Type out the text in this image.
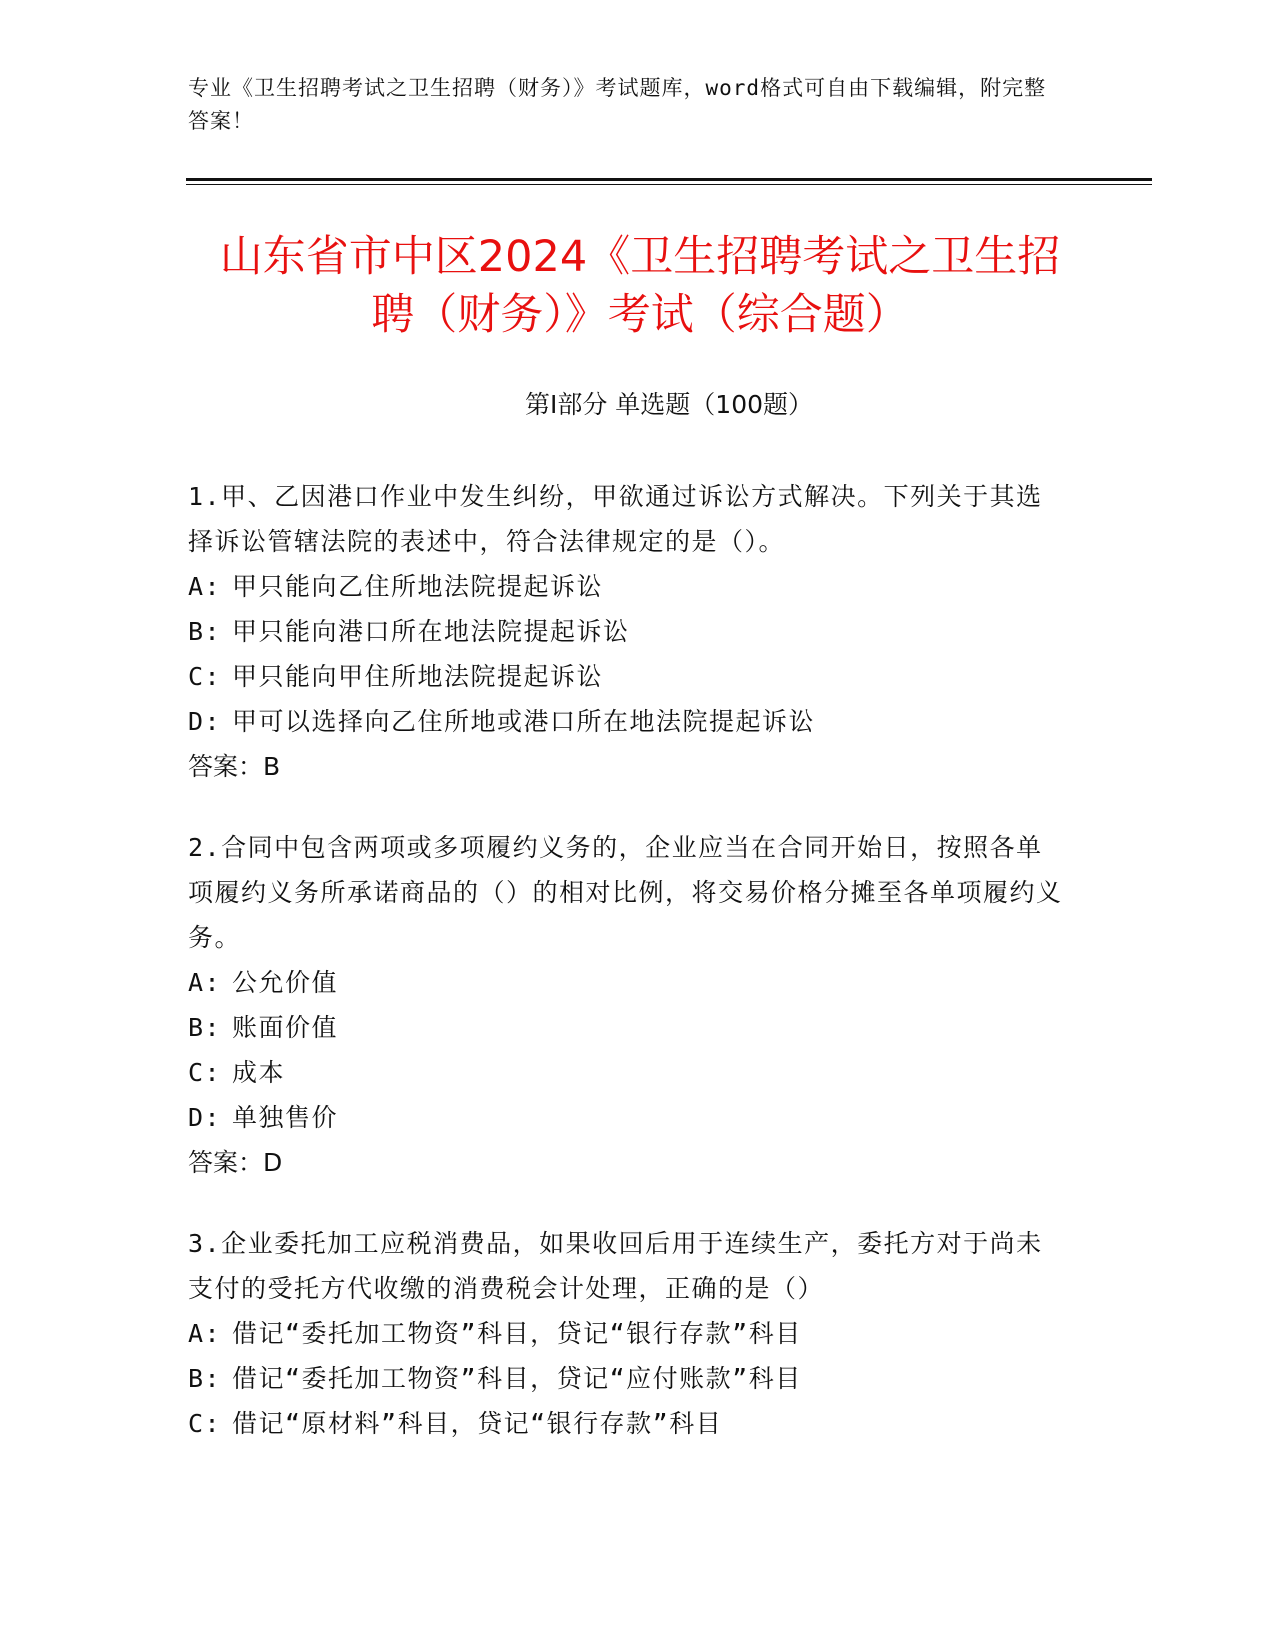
专业《卫生招聘考试之卫生招聘（财务）》考试题库，word格式可自由下载编辑，附完整答案！
山东省市中区2024《卫生招聘考试之卫生招
聘（财务）》考试（综合题）
第Ⅰ部分 单选题（100题）

1.甲、乙因港口作业中发生纠纷，甲欲通过诉讼方式解决。下列关于其选择诉讼管辖法院的表述中，符合法律规定的是（）。

A: 甲只能向乙住所地法院提起诉讼

B: 甲只能向港口所在地法院提起诉讼

C: 甲只能向甲住所地法院提起诉讼

D: 甲可以选择向乙住所地或港口所在地法院提起诉讼

答案：B

2.合同中包含两项或多项履约义务的，企业应当在合同开始日，按照各单项履约义务所承诺商品的（）的相对比例，将交易价格分摊至各单项履约义务。

A: 公允价值

B: 账面价值

C: 成本

D: 单独售价

答案：D

3.企业委托加工应税消费品，如果收回后用于连续生产，委托方对于尚未支付的受托方代收缴的消费税会计处理，正确的是（）

A: 借记“委托加工物资”科目，贷记“银行存款”科目

B: 借记“委托加工物资”科目，贷记“应付账款”科目

C: 借记“原材料”科目，贷记“银行存款”科目
